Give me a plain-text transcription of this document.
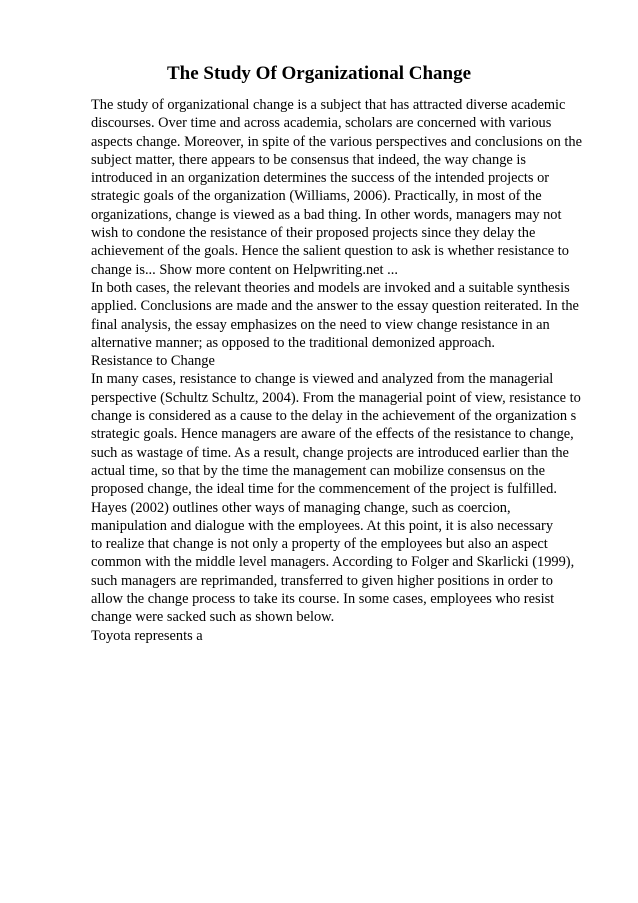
The Study Of Organizational Change
The study of organizational change is a subject that has attracted diverse academic
discourses. Over time and across academia, scholars are concerned with various
aspects change. Moreover, in spite of the various perspectives and conclusions on the
subject matter, there appears to be consensus that indeed, the way change is
introduced in an organization determines the success of the intended projects or
strategic goals of the organization (Williams, 2006). Practically, in most of the
organizations, change is viewed as a bad thing. In other words, managers may not
wish to condone the resistance of their proposed projects since they delay the
achievement of the goals. Hence the salient question to ask is whether resistance to
change is... Show more content on Helpwriting.net ...
In both cases, the relevant theories and models are invoked and a suitable synthesis
applied. Conclusions are made and the answer to the essay question reiterated. In the
final analysis, the essay emphasizes on the need to view change resistance in an
alternative manner; as opposed to the traditional demonized approach.
Resistance to Change
In many cases, resistance to change is viewed and analyzed from the managerial
perspective (Schultz Schultz, 2004). From the managerial point of view, resistance to
change is considered as a cause to the delay in the achievement of the organization s
strategic goals. Hence managers are aware of the effects of the resistance to change,
such as wastage of time. As a result, change projects are introduced earlier than the
actual time, so that by the time the management can mobilize consensus on the
proposed change, the ideal time for the commencement of the project is fulfilled.
Hayes (2002) outlines other ways of managing change, such as coercion,
manipulation and dialogue with the employees. At this point, it is also necessary
to realize that change is not only a property of the employees but also an aspect
common with the middle level managers. According to Folger and Skarlicki (1999),
such managers are reprimanded, transferred to given higher positions in order to
allow the change process to take its course. In some cases, employees who resist
change were sacked such as shown below.
Toyota represents a
